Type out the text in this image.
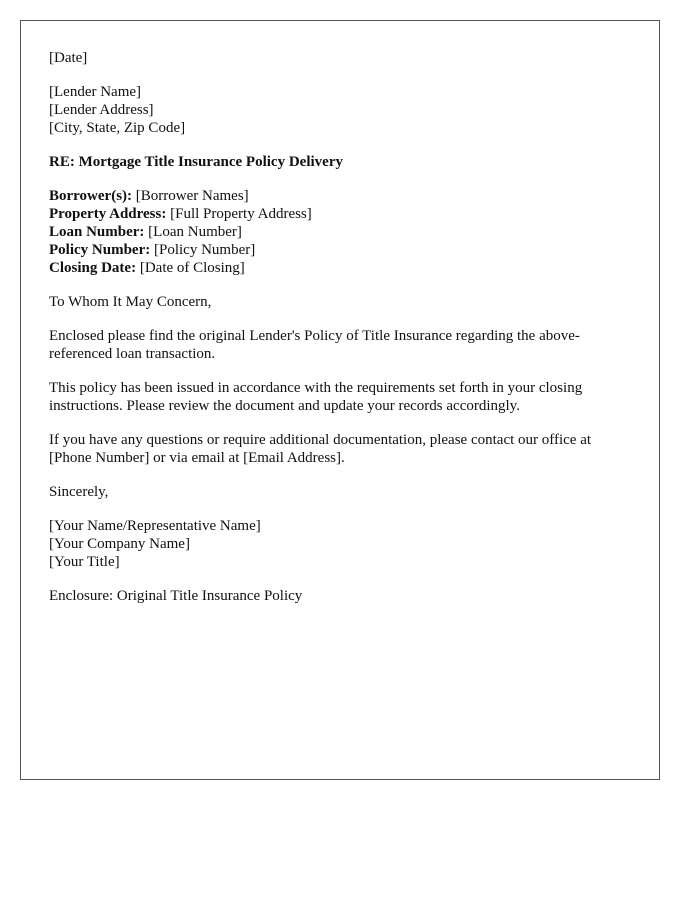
[Date]
[Lender Name]
[Lender Address]
[City, State, Zip Code]
RE: Mortgage Title Insurance Policy Delivery
Borrower(s): [Borrower Names]
Property Address: [Full Property Address]
Loan Number: [Loan Number]
Policy Number: [Policy Number]
Closing Date: [Date of Closing]

To Whom It May Concern,

Enclosed please find the original Lender's Policy of Title Insurance regarding the above-referenced loan transaction.

This policy has been issued in accordance with the requirements set forth in your closing instructions. Please review the document and update your records accordingly.

If you have any questions or require additional documentation, please contact our office at [Phone Number] or via email at [Email Address].

Sincerely,

[Your Name/Representative Name]
[Your Company Name]
[Your Title]

Enclosure: Original Title Insurance Policy
